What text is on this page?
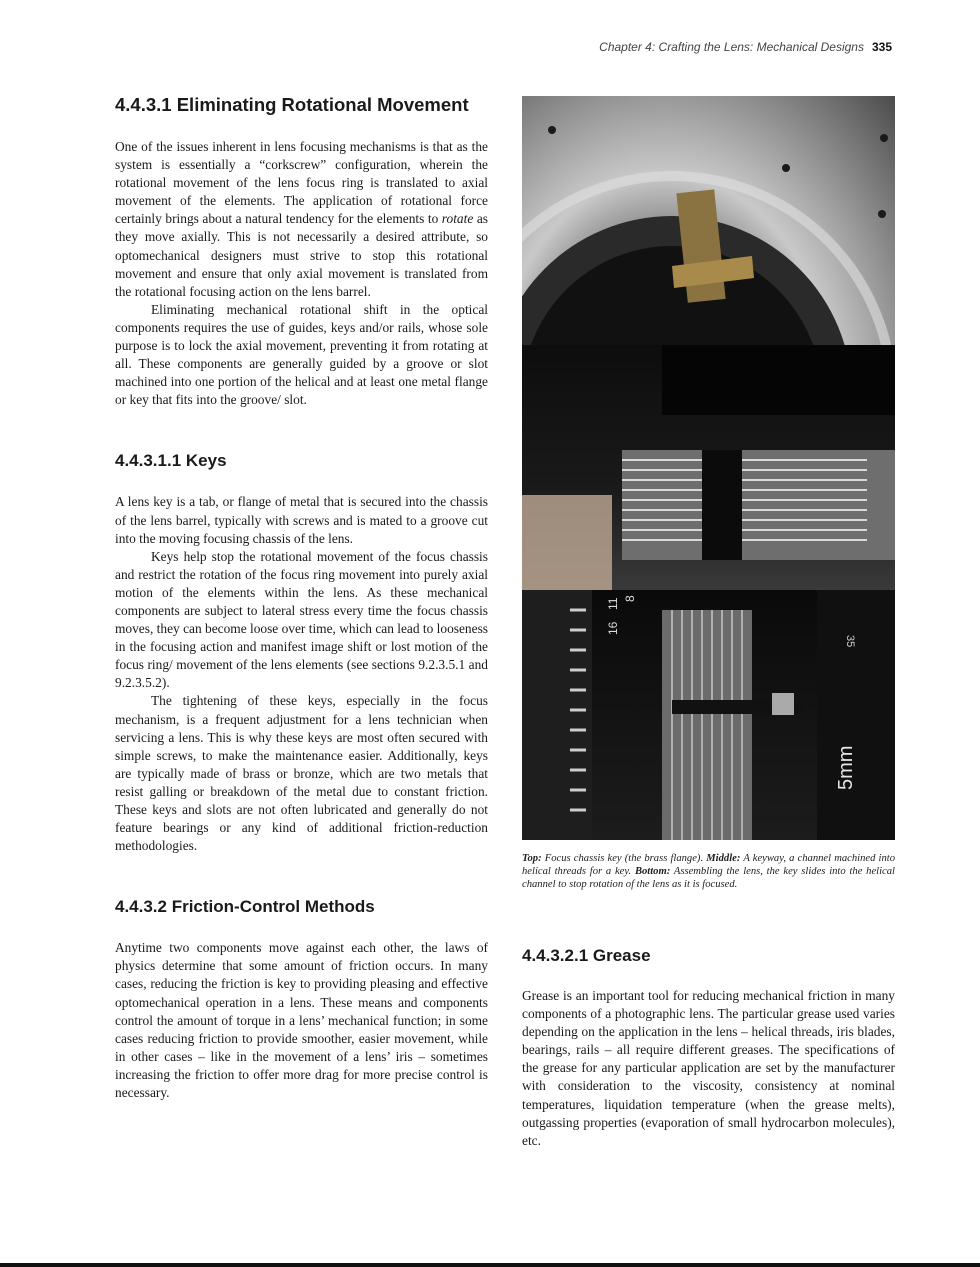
Chapter 4: Crafting the Lens: Mechanical Designs 335
4.4.3.1 Eliminating Rotational Movement

One of the issues inherent in lens focusing mechanisms is that as the system is essentially a “corkscrew” configuration, wherein the rotational movement of the lens focus ring is translated to axial movement of the elements. The application of rotational force certainly brings about a natural tendency for the elements to rotate as they move axially. This is not necessarily a desired attribute, so optomechanical designers must strive to stop this rotational movement and ensure that only axial movement is translated from the rotational focusing action on the lens barrel.

Eliminating mechanical rotational shift in the optical components requires the use of guides, keys and/or rails, whose sole purpose is to lock the axial movement, preventing it from rotating at all. These components are generally guided by a groove or slot machined into one portion of the helical and at least one metal flange or key that fits into the groove/ slot.

4.4.3.1.1 Keys

A lens key is a tab, or flange of metal that is secured into the chassis of the lens barrel, typically with screws and is mated to a groove cut into the moving focusing chassis of the lens.

Keys help stop the rotational movement of the focus chassis and restrict the rotation of the focus ring movement into purely axial motion of the elements within the lens. As these mechanical components are subject to lateral stress every time the focus chassis moves, they can become loose over time, which can lead to looseness in the focusing action and manifest image shift or lost motion of the focus ring/ movement of the lens elements (see sections 9.2.3.5.1 and 9.2.3.5.2).

The tightening of these keys, especially in the focus mechanism, is a frequent adjustment for a lens technician when servicing a lens. This is why these keys are most often secured with simple screws, to make the maintenance easier. Additionally, keys are typically made of brass or bronze, which are two metals that resist galling or breakdown of the metal due to constant friction. These keys and slots are not often lubricated and generally do not feature bearings or any kind of additional friction-reduction methodologies.

4.4.3.2 Friction-Control Methods

Anytime two components move against each other, the laws of physics determine that some amount of friction occurs. In many cases, reducing the friction is key to providing pleasing and effective optomechanical operation in a lens. These means and components control the amount of torque in a lens’ mechanical function; in some cases reducing friction to provide smoother, easier movement, while in other cases – like in the movement of a lens’ iris – sometimes increasing the friction to offer more drag for more precise control is necessary.

16
11 8
35
5mm
Top: Focus chassis key (the brass flange). Middle: A keyway, a channel machined into helical threads for a key. Bottom: Assembling the lens, the key slides into the helical channel to stop rotation of the lens as it is focused.
4.4.3.2.1 Grease

Grease is an important tool for reducing mechanical friction in many components of a photographic lens. The particular grease used varies depending on the application in the lens – helical threads, iris blades, bearings, rails – all require different greases. The specifications of the grease for any particular application are set by the manufacturer with consideration to the viscosity, consistency at nominal temperatures, liquidation temperature (when the grease melts), outgassing properties (evaporation of small hydrocarbon molecules), etc.
